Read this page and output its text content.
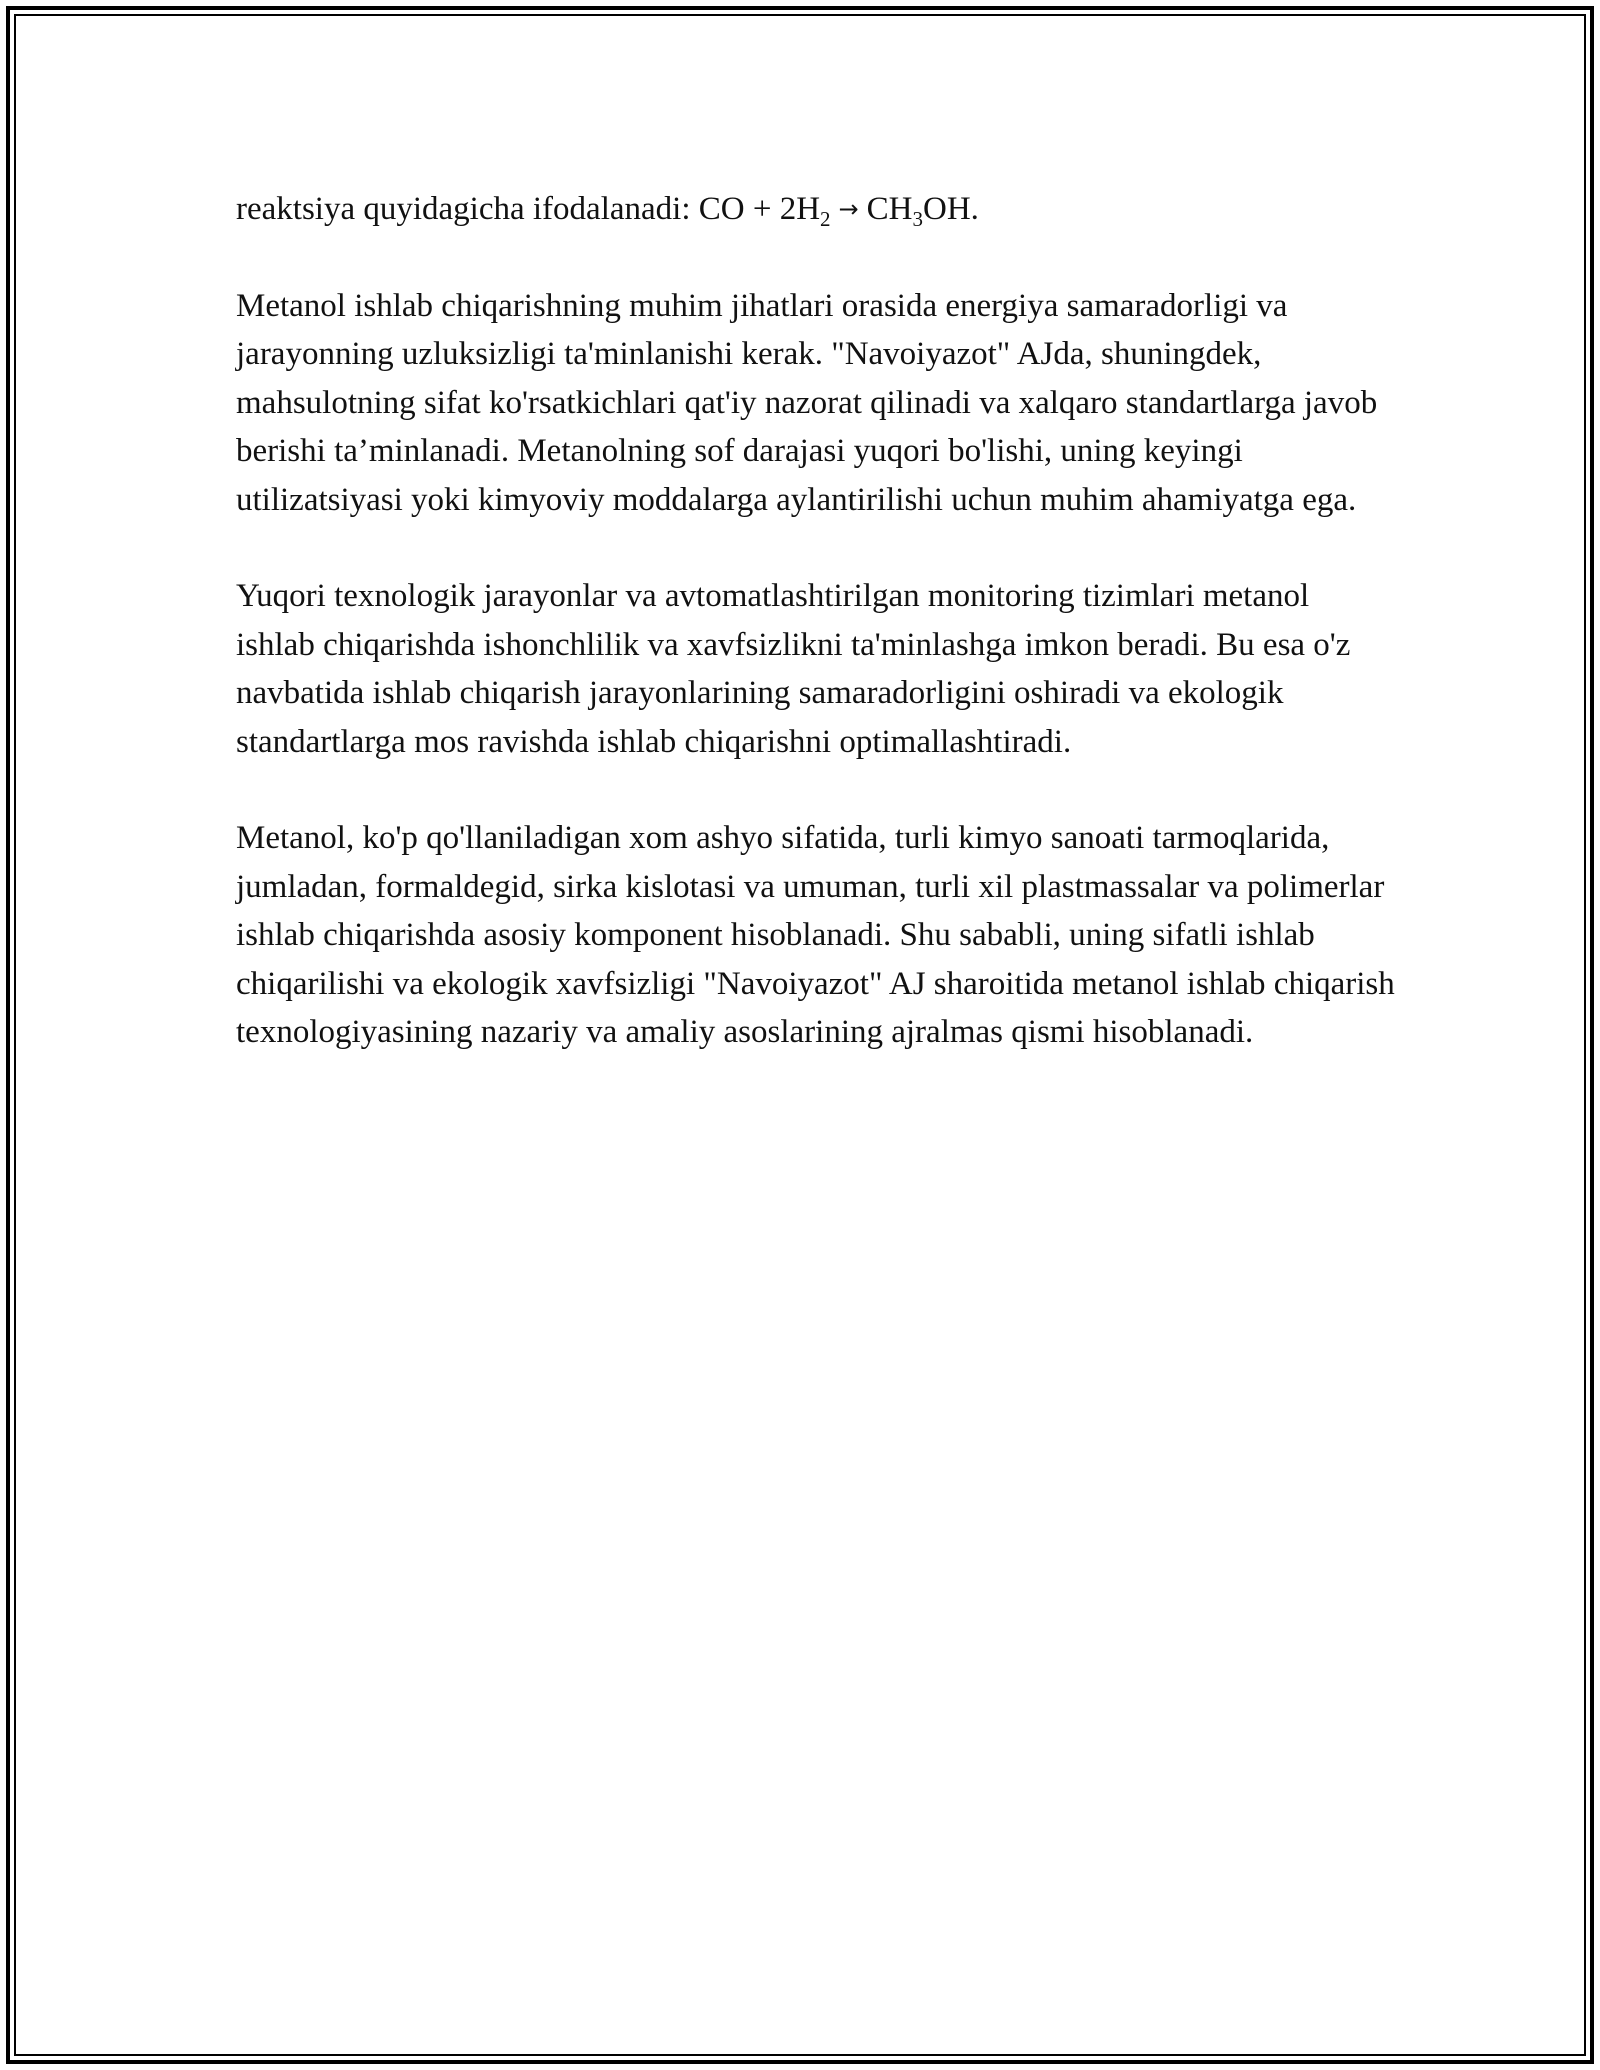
reaktsiya quyidagicha ifodalanadi: CO + $2H_2 \to CH_3OH$.

Metanol ishlab chiqarishning muhim jihatlari orasida energiya samaradorligi va jarayonning uzluksizligi ta'minlanishi kerak. "Navoiyazot" AJda, shuningdek, mahsulotning sifat ko'rsatkichlari qat'iy nazorat qilinadi va xalqaro standartlarga javob berishi ta’minlanadi. Metanolning sof darajasi yuqori bo'lishi, uning keyingi utilizatsiyasi yoki kimyoviy moddalarga aylantirilishi uchun muhim ahamiyatga ega.

Yuqori texnologik jarayonlar va avtomatlashtirilgan monitoring tizimlari metanol ishlab chiqarishda ishonchlilik va xavfsizlikni ta'minlashga imkon beradi. Bu esa o'z navbatida ishlab chiqarish jarayonlarining samaradorligini oshiradi va ekologik standartlarga mos ravishda ishlab chiqarishni optimallashtiradi.

Metanol, ko'p qo'llaniladigan xom ashyo sifatida, turli kimyo sanoati tarmoqlarida, jumladan, formaldegid, sirka kislotasi va umuman, turli xil plastmassalar va polimerlar ishlab chiqarishda asosiy komponent hisoblanadi. Shu sababli, uning sifatli ishlab chiqarilishi va ekologik xavfsizligi "Navoiyazot" AJ sharoitida metanol ishlab chiqarish texnologiyasining nazariy va amaliy asoslarining ajralmas qismi hisoblanadi.
